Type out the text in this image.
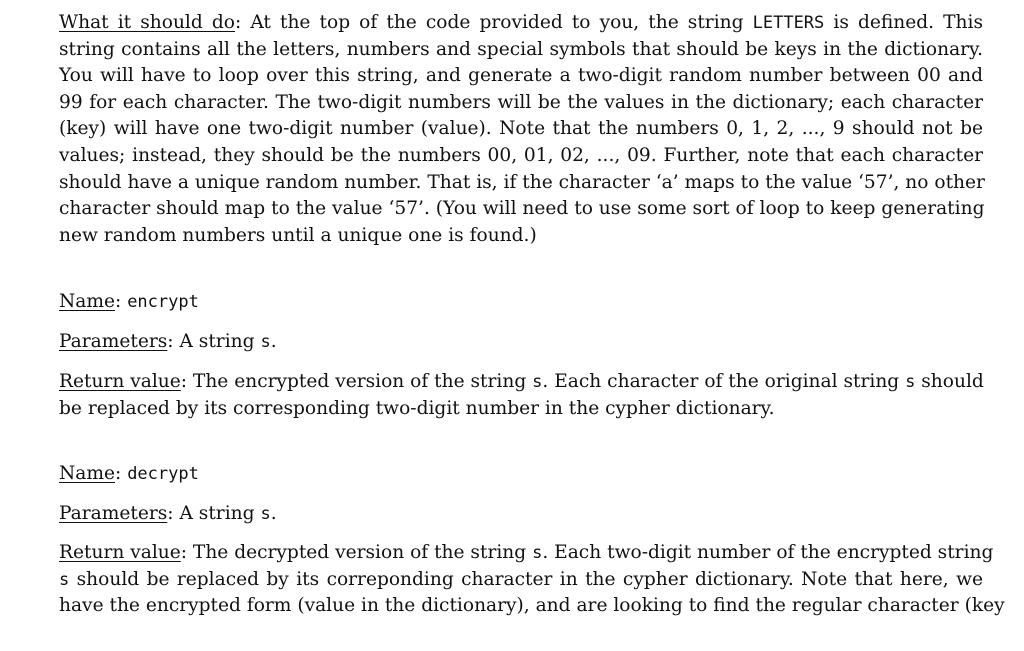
What it should do: At the top of the code provided to you, the string LETTERS is defined. This
string contains all the letters, numbers and special symbols that should be keys in the dictionary.
You will have to loop over this string, and generate a two-digit random number between 00 and
99 for each character. The two-digit numbers will be the values in the dictionary; each character
(key) will have one two-digit number (value). Note that the numbers 0, 1, 2, ..., 9 should not be
values; instead, they should be the numbers 00, 01, 02, ..., 09. Further, note that each character
should have a unique random number. That is, if the character ‘a’ maps to the value ‘57’, no other
character should map to the value ‘57’. (You will need to use some sort of loop to keep generating
new random numbers until a unique one is found.)
Name: encrypt
Parameters: A string s.
Return value: The encrypted version of the string s. Each character of the original string s should
be replaced by its corresponding two-digit number in the cypher dictionary.
Name: decrypt
Parameters: A string s.
Return value: The decrypted version of the string s. Each two-digit number of the encrypted string
s should be replaced by its correponding character in the cypher dictionary. Note that here, we
have the encrypted form (value in the dictionary), and are looking to find the regular character (key
